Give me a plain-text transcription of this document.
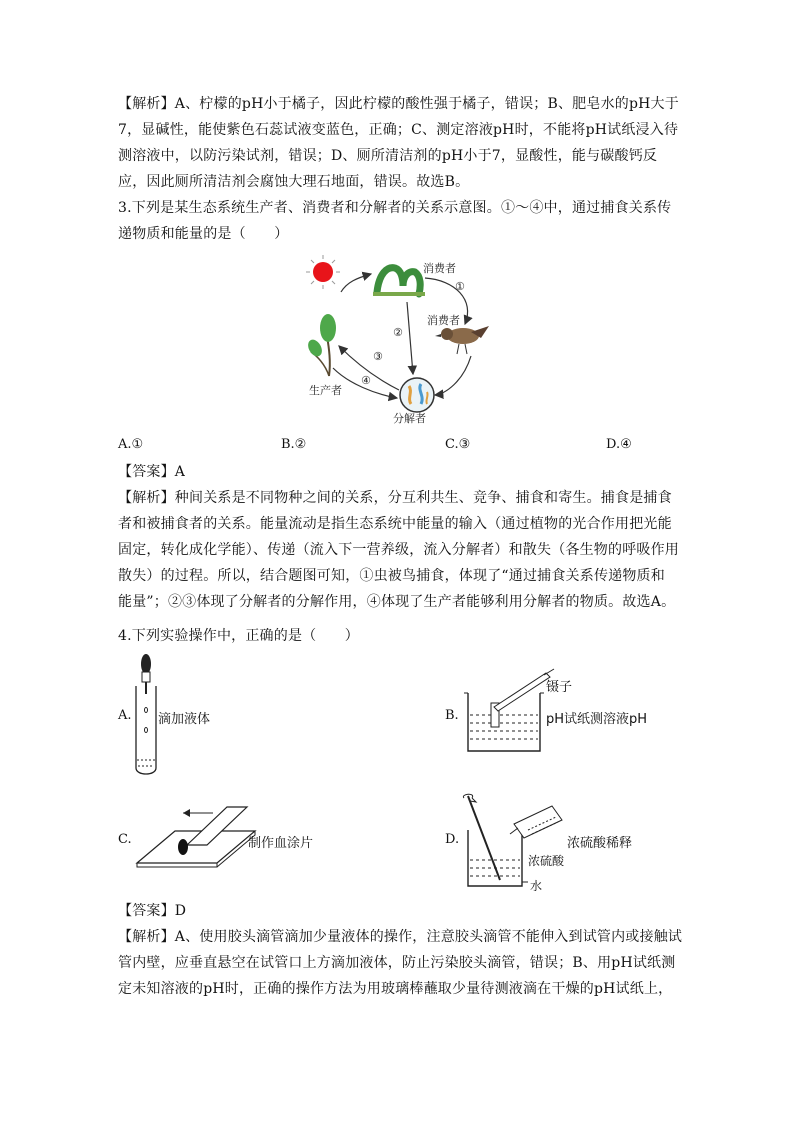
【解析】A、柠檬的pH小于橘子，因此柠檬的酸性强于橘子，错误；B、肥皂水的pH大于
7，显碱性，能使紫色石蕊试液变蓝色，正确；C、测定溶液pH时，不能将pH试纸浸入待
测溶液中，以防污染试剂，错误；D、厕所清洁剂的pH小于7，显酸性，能与碳酸钙反
应，因此厕所清洁剂会腐蚀大理石地面，错误。故选B。
3.下列是某生态系统生产者、消费者和分解者的关系示意图。①～④中，通过捕食关系传
递物质和能量的是（　　）
消费者
消费者
生产者
分解者
①
②
③
④
A.①	B.②	C.③	D.④
【答案】A
【解析】种间关系是不同物种之间的关系，分互利共生、竞争、捕食和寄生。捕食是捕食
者和被捕食者的关系。能量流动是指生态系统中能量的输入（通过植物的光合作用把光能
固定，转化成化学能）、传递（流入下一营养级，流入分解者）和散失（各生物的呼吸作用
散失）的过程。所以，结合题图可知，①虫被鸟捕食，体现了“通过捕食关系传递物质和
能量”；②③体现了分解者的分解作用，④体现了生产者能够利用分解者的物质。故选A。
4.下列实验操作中，正确的是（　　）
A. 滴加液体	B.
镊子
pH试纸测溶液pH
C.	制作血涂片	D.	浓硫酸稀释
浓硫酸
水
【答案】D
【解析】A、使用胶头滴管滴加少量液体的操作，注意胶头滴管不能伸入到试管内或接触试
管内壁，应垂直悬空在试管口上方滴加液体，防止污染胶头滴管，错误；B、用pH试纸测
定未知溶液的pH时，正确的操作方法为用玻璃棒蘸取少量待测液滴在干燥的pH试纸上，
